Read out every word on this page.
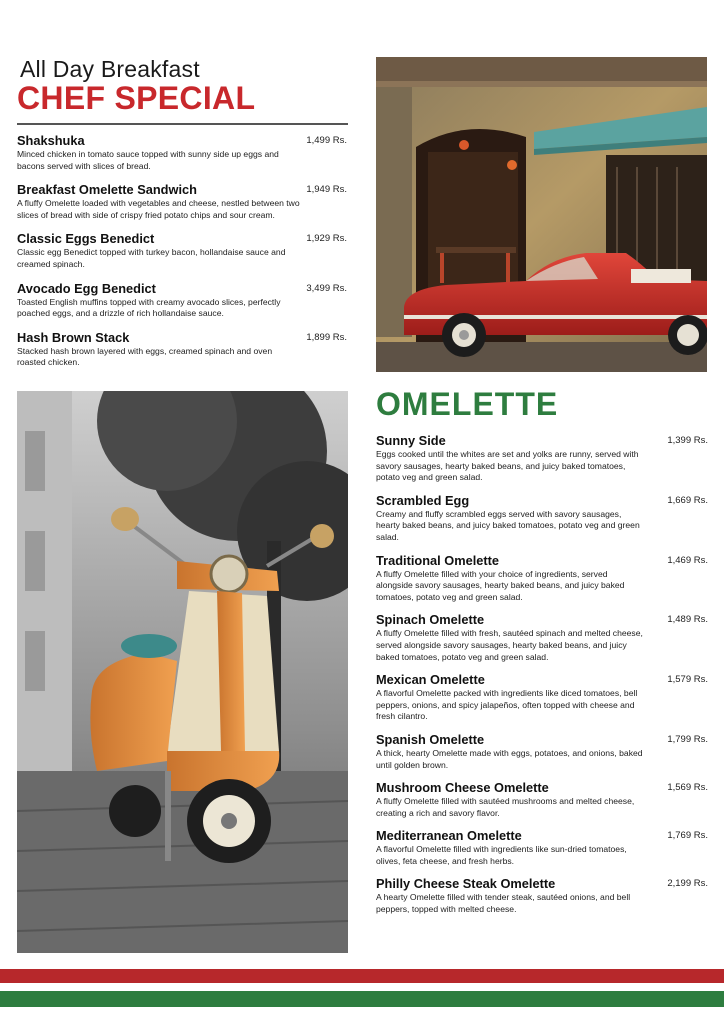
All Day Breakfast
CHEF SPECIAL
Shakshuka	1,499 Rs.
Minced chicken in tomato sauce topped with sunny side up eggs and bacons served with slices of bread.
Breakfast Omelette Sandwich	1,949 Rs.
A fluffy Omelette loaded with vegetables and cheese, nestled between two slices of bread with side of crispy fried potato chips and sour cream.
Classic Eggs Benedict	1,929 Rs.
Classic egg Benedict topped with turkey bacon, hollandaise sauce and creamed spinach.
Avocado Egg Benedict	3,499 Rs.
Toasted English muffins topped with creamy avocado slices, perfectly poached eggs, and a drizzle of rich hollandaise sauce.
Hash Brown Stack	1,899 Rs.
Stacked hash brown layered with eggs, creamed spinach and oven roasted chicken.
OMELETTE
Sunny Side	1,399 Rs.
Eggs cooked until the whites are set and yolks are runny, served with savory sausages, hearty baked beans, and juicy baked tomatoes, potato veg and green salad.
Scrambled Egg	1,669 Rs.
Creamy and fluffy scrambled eggs served with savory sausages, hearty baked beans, and juicy baked tomatoes, potato veg and green salad.
Traditional Omelette	1,469 Rs.
A fluffy Omelette filled with your choice of ingredients, served alongside savory sausages, hearty baked beans, and juicy baked tomatoes, potato veg and green salad.
Spinach Omelette	1,489 Rs.
A fluffy Omelette filled with fresh, sautéed spinach and melted cheese, served alongside savory sausages, hearty baked beans, and juicy baked tomatoes, potato veg and green salad.
Mexican Omelette	1,579 Rs.
A flavorful Omelette packed with ingredients like diced tomatoes, bell peppers, onions, and spicy jalapeños, often topped with cheese and fresh cilantro.
Spanish Omelette	1,799 Rs.
A thick, hearty Omelette made with eggs, potatoes, and onions, baked until golden brown.
Mushroom Cheese Omelette	1,569 Rs.
A fluffy Omelette filled with sautéed mushrooms and melted cheese, creating a rich and savory flavor.
Mediterranean Omelette	1,769 Rs.
A flavorful Omelette filled with ingredients like sun-dried tomatoes, olives, feta cheese, and fresh herbs.
Philly Cheese Steak Omelette	2,199 Rs.
A hearty Omelette filled with tender steak, sautéed onions, and bell peppers, topped with melted cheese.
